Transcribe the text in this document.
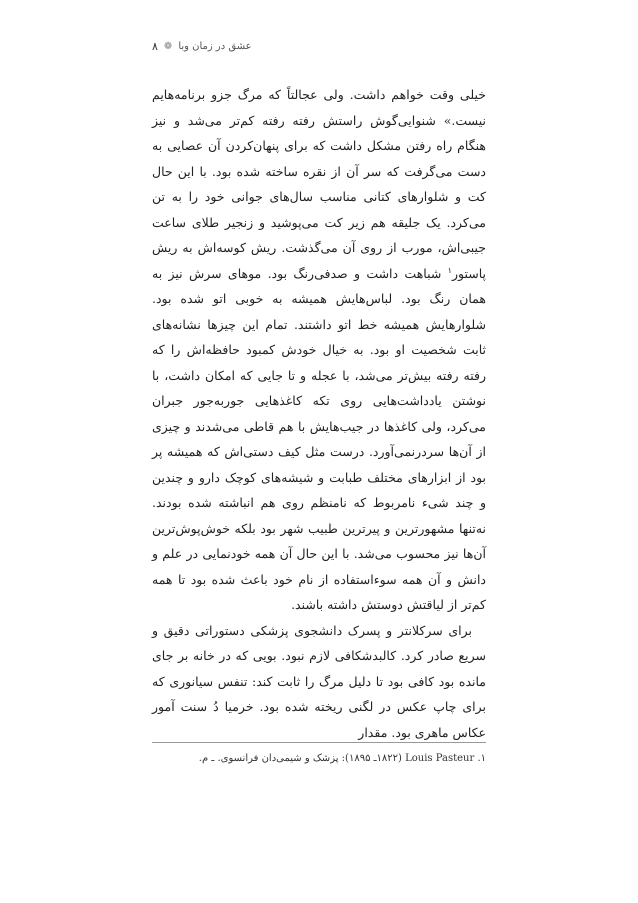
۸ ❁ عشق در زمان وبا

خیلی وقت خواهم داشت. ولی عجالتاً که مرگ جزو برنامه‌هایم نیست.» شنوایی‌گوش راستش رفته رفته کم‌تر می‌شد و نیز هنگام راه رفتن مشکل داشت که برای پنهان‌کردن آن عصایی به دست می‌گرفت که سر آن از نقره ساخته شده بود. با این حال کت و شلوارهای کتانی مناسب سال‌های جوانی خود را به تن می‌کرد. یک جلیقه هم زیر کت می‌پوشید و زنجیر طلای ساعت جیبی‌اش، مورب از روی آن می‌گذشت. ریش کوسه‌اش به ریش پاستور$^۱$ شباهت داشت و صدفی‌رنگ بود. موهای سرش نیز به همان رنگ بود. لباس‌هایش همیشه به خوبی اتو شده بود. شلوارهایش همیشه خط اتو داشتند. تمام این چیزها نشانه‌های ثابت شخصیت او بود. به خیال خودش کمبود حافظه‌اش را که رفته رفته بیش‌تر می‌شد، با عجله و تا جایی که امکان داشت، با نوشتن یادداشت‌هایی روی تکه کاغذهایی جوربه‌جور جبران می‌کرد، ولی کاغذها در جیب‌هایش با هم قاطی می‌شدند و چیزی از آن‌ها سردرنمی‌آورد. درست مثل کیف دستی‌اش که همیشه پر بود از ابزارهای مختلف طبابت و شیشه‌های کوچک دارو و چندین و چند شیء نامربوط که نامنظم روی هم انباشته شده بودند. نه‌تنها مشهورترین و پیرترین طبیب شهر بود بلکه خوش‌پوش‌ترین آن‌ها نیز محسوب می‌شد. با این حال آن همه خودنمایی در علم و دانش و آن همه سوءاستفاده از نام خود باعث شده بود تا همه کم‌تر از لیاقتش دوستش داشته باشند.

برای سرکلانتر و پسرک دانشجوی پزشکی دستوراتی دقیق و سریع صادر کرد. کالبدشکافی لازم نبود. بویی که در خانه بر جای مانده بود کافی بود تا دلیل مرگ را ثابت کند: تنفس سیانوری که برای چاپ عکس در لگنی ریخته شده بود. خرمیا دُ سنت آمور عکاس ماهری بود. مقدار

۱. Louis Pasteur (۱۸۲۲ـ ۱۸۹۵): پزشک و شیمی‌دان فرانسوی. ـ م.
